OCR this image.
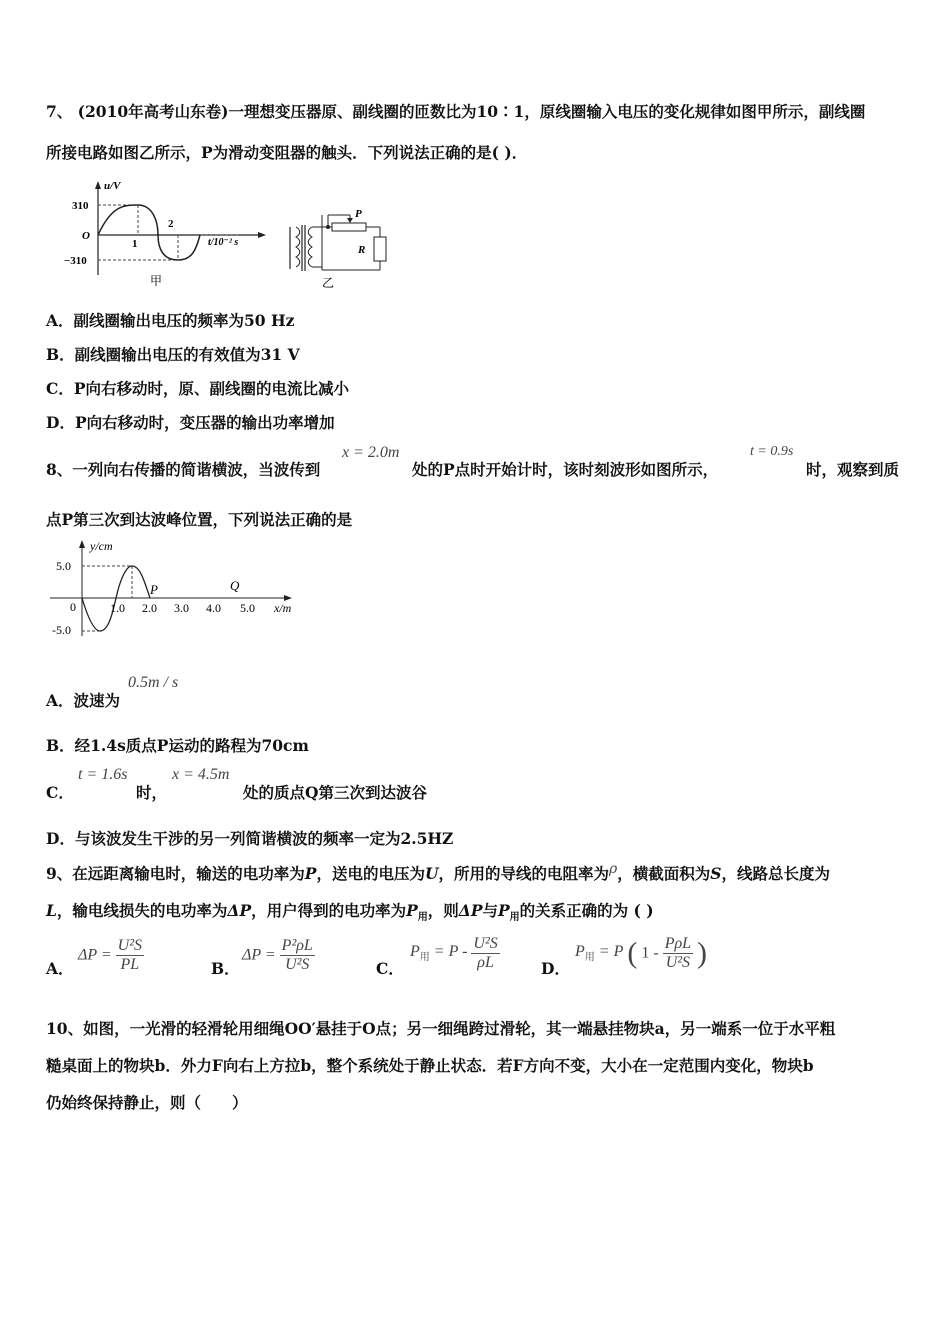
7、 (2010年高考山东卷)一理想变压器原、副线圈的匝数比为10∶1，原线圈输入电压的变化规律如图甲所示，副线圈
所接电路如图乙所示，P为滑动变阻器的触头．下列说法正确的是( )．
u/V
310
O
−310
1
2
t/10⁻² s
甲
P
R
乙
A．副线圈输出电压的频率为50 Hz
B．副线圈输出电压的有效值为31 V
C．P向右移动时，原、副线圈的电流比减小
D．P向右移动时，变压器的输出功率增加
8、一列向右传播的简谐横波，当波传到
x = 2.0m
处的P点时开始计时，该时刻波形如图所示，
t = 0.9s
时，观察到质
点P第三次到达波峰位置，下列说法正确的是
y/cm
5.0
-5.0
0	1.0 2.0 3.0 4.0 5.0 x/m
P	Q
A．波速为
0.5m / s
B．经1.4s质点P运动的路程为70cm
C．
t = 1.6s
时，
x = 4.5m
处的质点Q第三次到达波谷
D．与该波发生干涉的另一列简谐横波的频率一定为2.5HZ
9、在远距离输电时，输送的电功率为P，送电的电压为U，所用的导线的电阻率为ρ，横截面积为S，线路总长度为
L，输电线损失的电功率为ΔP，用户得到的电功率为$P_用$，则ΔP与$P_用$的关系正确的为 ( )
A．
$\Delta P = \frac{\text{U²S}}{PL}$	B．
$\Delta P = \frac{\text{P²ρL}}{\text{U²S}}$	C．
$P_用 = P - \frac{\text{U²S}}{\rho L}$	D．
$P_用 = P$ ( $1 - \frac{\text{PρL}}{\text{U²S}}$ )
10、如图，一光滑的轻滑轮用细绳OO′悬挂于O点；另一细绳跨过滑轮，其一端悬挂物块a，另一端系一位于水平粗
糙桌面上的物块b．外力F向右上方拉b，整个系统处于静止状态．若F方向不变，大小在一定范围内变化，物块b
仍始终保持静止，则（　　）
